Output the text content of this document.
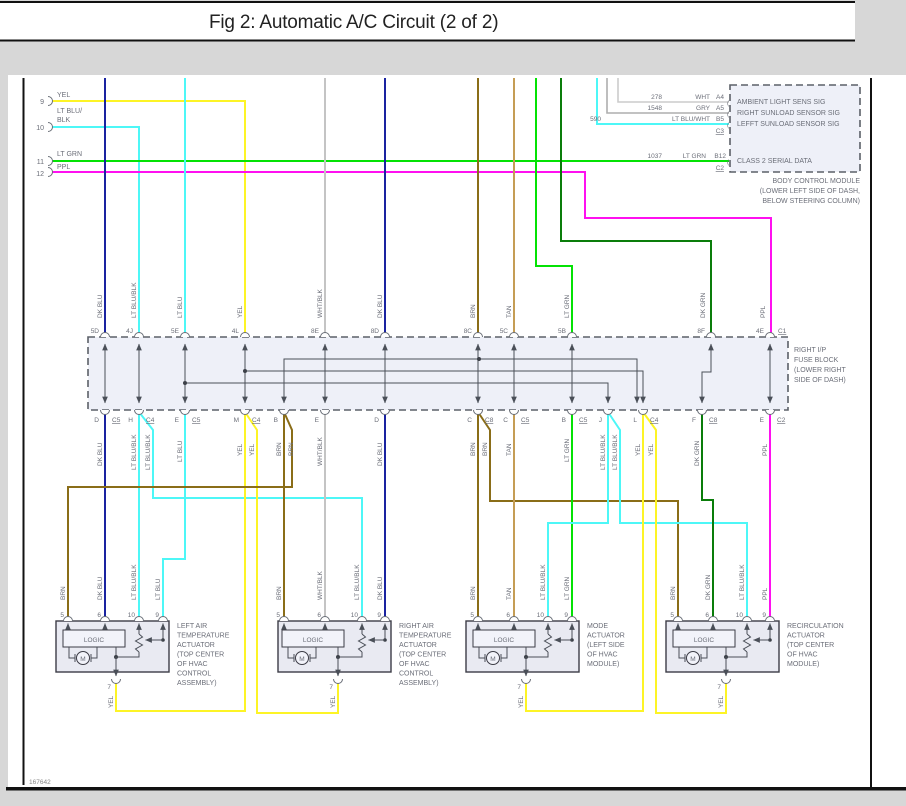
Fig 2: Automatic A/C Circuit (2 of 2)
9
10
11
12
YEL
LT BLU/
BLK
LT GRN
PPL
278	WHT A4
1548	GRY A5
590	LT BLU/WHT B5
C3
1037	LT GRN B12
C2
(
(
(
(
AMBIENT LIGHT SENS SIG
RIGHT SUNLOAD SENSOR SIG
LEFFT SUNLOAD SENSOR SIG
CLASS 2 SERIAL DATA
BODY CONTROL MODULE
(LOWER LEFT SIDE OF DASH,
BELOW STEERING COLUMN)
DK BLU	LT BLU/BLK	LT BLU	YEL	WHT/BLK	DK BLU	BRN	TAN	LT GRN	DK GRN	PPL
5D	4J	5E	4L	8E	8D	8C	5C	5B	8F	4E C1
D C5 H C4	E C5	M C4 B	E	D	C C8 C C5	B C5 J	L C4	F C8	E C2
RIGHT I/P
FUSE BLOCK
(LOWER RIGHT
SIDE OF DASH)
DK BLU	LT BLU/BLK LT BLU/BLK	LT BLU	YEL YEL	BRN BRN	WHT/BLK	DK BLU	BRN BRN	TAN	LT GRN	LT BLU/BLK LT BLU/BLK YEL YEL	DK GRN	PPL
BRN	DK BLU	LT BLU/BLK	LT BLU	BRN	WHT/BLK	LT BLU/BLK DK BLU	BRN	TAN	LT BLU/BLK	LT GRN	BRN	DK GRN	LT BLU/BLK PPL
YEL	YEL	YEL	YEL
LOGIC
M
5	6	10	9
7
LEFT AIR
TEMPERATURE
ACTUATOR
(TOP CENTER
OF HVAC
CONTROL
ASSEMBLY)
LOGIC
M
5	6	10	9
7
RIGHT AIR
TEMPERATURE
ACTUATOR
(TOP CENTER
OF HVAC
CONTROL
ASSEMBLY)
LOGIC
M
5	6	10	9
7
MODE
ACTUATOR
(LEFT SIDE
OF HVAC
MODULE)
LOGIC
M
5	6	10	9
7
RECIRCULATION
ACTUATOR
(TOP CENTER
OF HVAC
MODULE)
167642
